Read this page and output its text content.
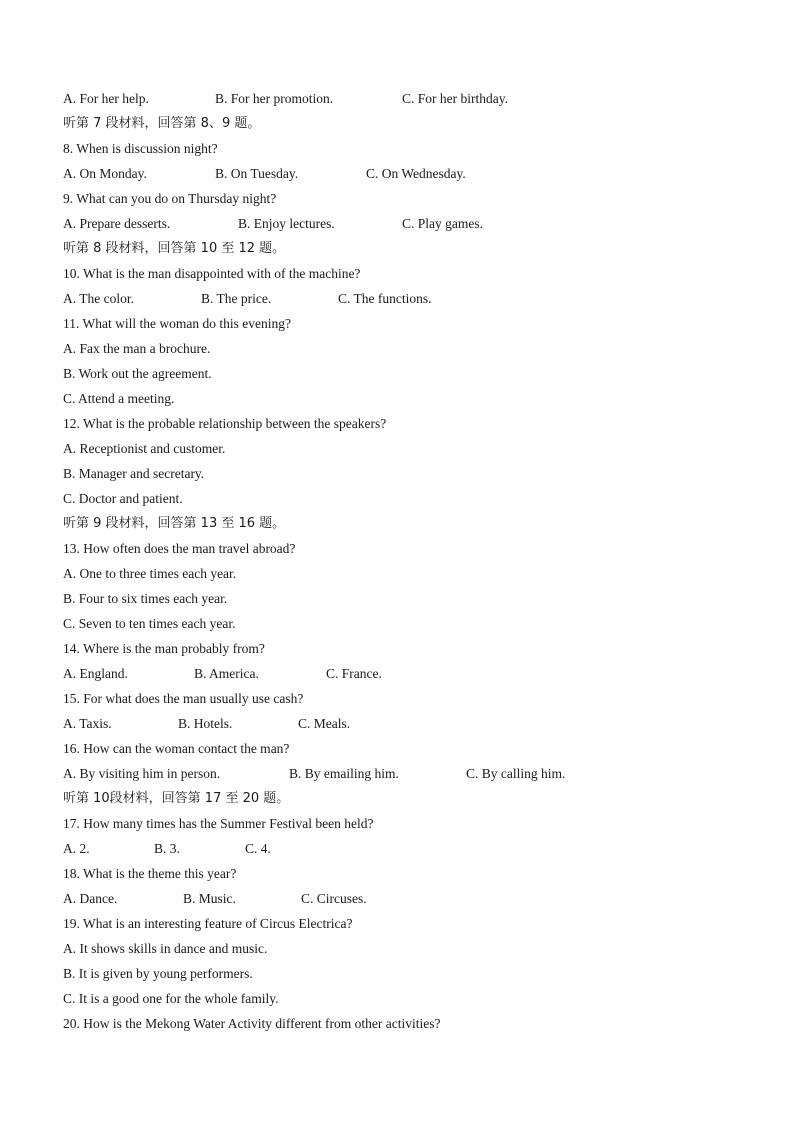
A. For her help.	B. For her promotion.	C. For her birthday.
听第 7 段材料，回答第 8、9 题。
8. When is discussion night?
A. On Monday.	B. On Tuesday.	C. On Wednesday.
9. What can you do on Thursday night?
A. Prepare desserts.	B. Enjoy lectures.	C. Play games.
听第 8 段材料，回答第 10 至 12 题。
10. What is the man disappointed with of the machine?
A. The color.	B. The price.	C. The functions.
11. What will the woman do this evening?
A. Fax the man a brochure.
B. Work out the agreement.
C. Attend a meeting.
12. What is the probable relationship between the speakers?
A. Receptionist and customer.
B. Manager and secretary.
C. Doctor and patient.
听第 9 段材料，回答第 13 至 16 题。
13. How often does the man travel abroad?
A. One to three times each year.
B. Four to six times each year.
C. Seven to ten times each year.
14. Where is the man probably from?
A. England.	B. America.	C. France.
15. For what does the man usually use cash?
A. Taxis.	B. Hotels.	C. Meals.
16. How can the woman contact the man?
A. By visiting him in person.	B. By emailing him.	C. By calling him.
听第 10段材料，回答第 17 至 20 题。
17. How many times has the Summer Festival been held?
A. 2.	B. 3.	C. 4.
18. What is the theme this year?
A. Dance.	B. Music.	C. Circuses.
19. What is an interesting feature of Circus Electrica?
A. It shows skills in dance and music.
B. It is given by young performers.
C. It is a good one for the whole family.
20. How is the Mekong Water Activity different from other activities?
